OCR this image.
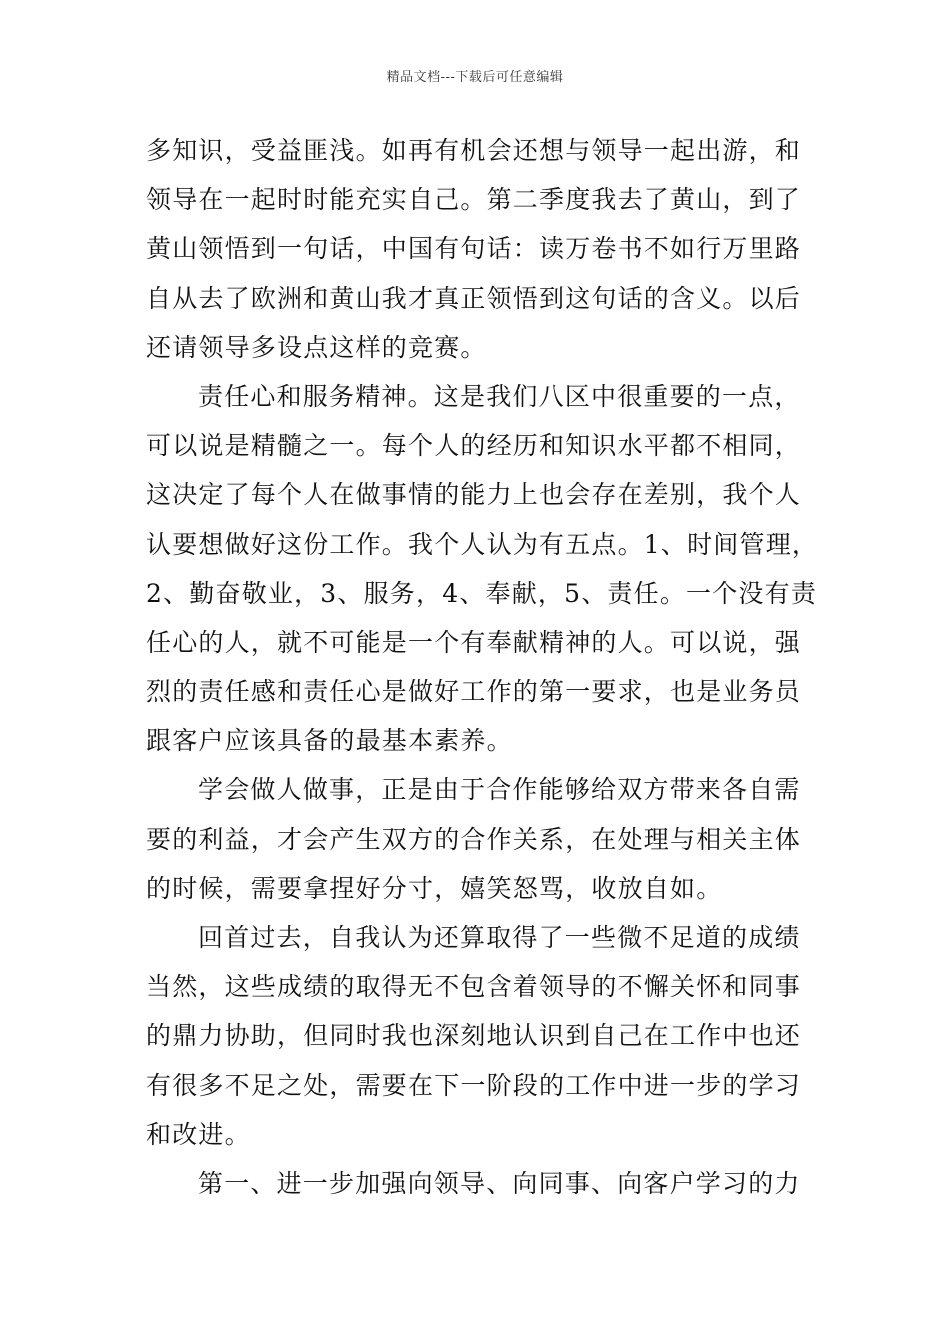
精品文档---下载后可任意编辑
多知识，受益匪浅。如再有机会还想与领导一起出游，和
领导在一起时时能充实自己。第二季度我去了黄山，到了
黄山领悟到一句话，中国有句话：读万卷书不如行万里路
自从去了欧洲和黄山我才真正领悟到这句话的含义。以后
还请领导多设点这样的竞赛。
责任心和服务精神。这是我们八区中很重要的一点，
可以说是精髓之一。每个人的经历和知识水平都不相同，
这决定了每个人在做事情的能力上也会存在差别，我个人
认要想做好这份工作。我个人认为有五点。1、时间管理，
2、勤奋敬业，3、服务，4、奉献，5、责任。一个没有责
任心的人，就不可能是一个有奉献精神的人。可以说，强
烈的责任感和责任心是做好工作的第一要求，也是业务员
跟客户应该具备的最基本素养。
学会做人做事，正是由于合作能够给双方带来各自需
要的利益，才会产生双方的合作关系，在处理与相关主体
的时候，需要拿捏好分寸，嬉笑怒骂，收放自如。
回首过去，自我认为还算取得了一些微不足道的成绩
当然，这些成绩的取得无不包含着领导的不懈关怀和同事
的鼎力协助，但同时我也深刻地认识到自己在工作中也还
有很多不足之处，需要在下一阶段的工作中进一步的学习
和改进。
第一、进一步加强向领导、向同事、向客户学习的力
